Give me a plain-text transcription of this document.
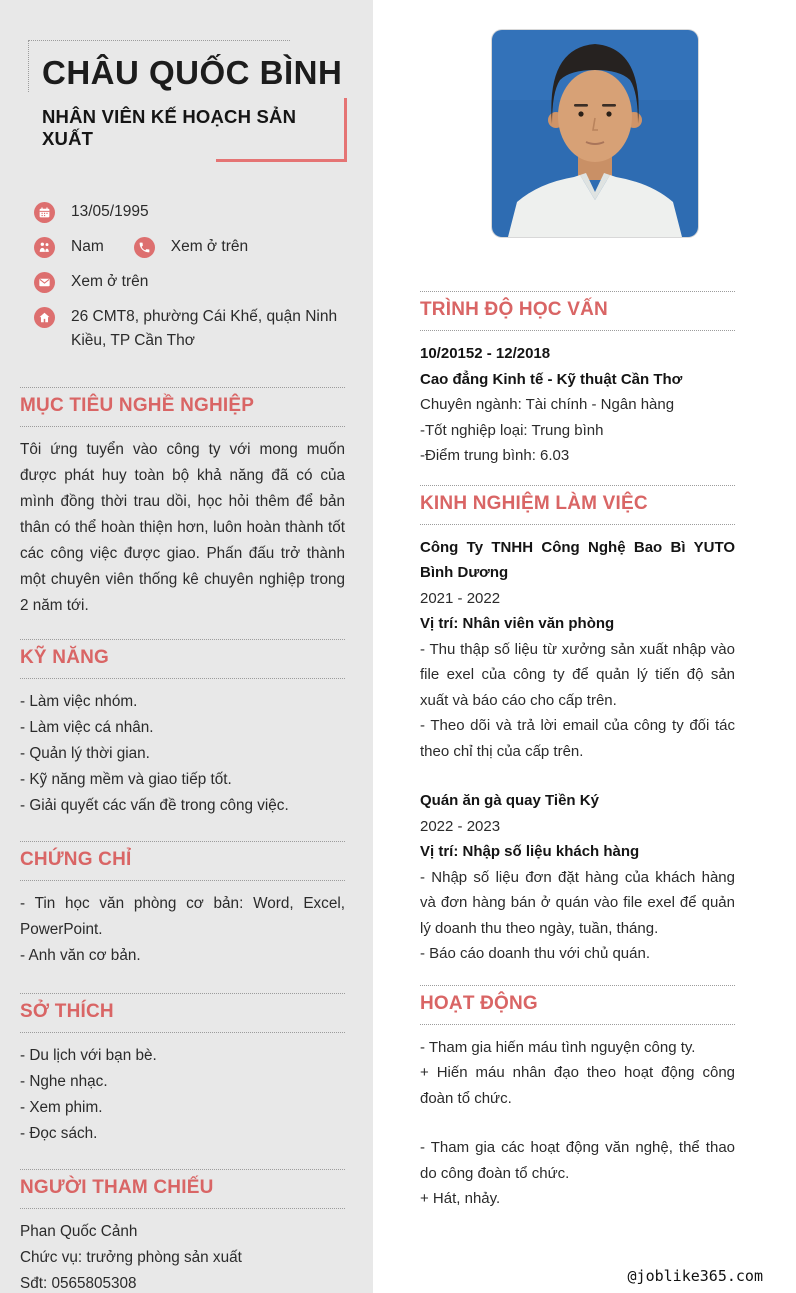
CHÂU QUỐC BÌNH
NHÂN VIÊN KẾ HOẠCH SẢN XUẤT
13/05/1995
Nam	Xem ở trên
Xem ở trên
26 CMT8, phường Cái Khế, quận Ninh Kiều, TP Cần Thơ
MỤC TIÊU NGHỀ NGHIỆP
Tôi ứng tuyển vào công ty với mong muốn được phát huy toàn bộ khả năng đã có của mình đồng thời trau dồi, học hỏi thêm để bản thân có thể hoàn thiện hơn, luôn hoàn thành tốt các công việc được giao. Phấn đấu trở thành một chuyên viên thống kê chuyên nghiệp trong 2 năm tới.
KỸ NĂNG
- Làm việc nhóm.
- Làm việc cá nhân.
- Quản lý thời gian.
- Kỹ năng mềm và giao tiếp tốt.
- Giải quyết các vấn đề trong công việc.
CHỨNG CHỈ
- Tin học văn phòng cơ bản: Word, Excel, PowerPoint.
- Anh văn cơ bản.
SỞ THÍCH
- Du lịch với bạn bè.
- Nghe nhạc.
- Xem phim.
- Đọc sách.
NGƯỜI THAM CHIẾU
Phan Quốc Cảnh
Chức vụ: trưởng phòng sản xuất
Sđt: 0565805308
TRÌNH ĐỘ HỌC VẤN
10/20152 - 12/2018
Cao đẳng Kinh tế - Kỹ thuật Cần Thơ
Chuyên ngành: Tài chính - Ngân hàng
-Tốt nghiệp loại: Trung bình
-Điểm trung bình: 6.03
KINH NGHIỆM LÀM VIỆC
Công Ty TNHH Công Nghệ Bao Bì YUTO Bình Dương
2021 - 2022
Vị trí: Nhân viên văn phòng
- Thu thập số liệu từ xưởng sản xuất nhập vào file exel của công ty để quản lý tiến độ sản xuất và báo cáo cho cấp trên.
- Theo dõi và trả lời email của công ty đối tác theo chỉ thị của cấp trên.
Quán ăn gà quay Tiền Ký
2022 - 2023
Vị trí: Nhập số liệu khách hàng
- Nhập số liệu đơn đặt hàng của khách hàng và đơn hàng bán ở quán vào file exel để quản lý doanh thu theo ngày, tuần, tháng.
- Báo cáo doanh thu với chủ quán.
HOẠT ĐỘNG
- Tham gia hiến máu tình nguyện công ty.
+ Hiến máu nhân đạo theo hoạt động công đoàn tổ chức.
- Tham gia các hoạt động văn nghệ, thể thao do công đoàn tổ chức.
+ Hát, nhảy.
@joblike365.com
